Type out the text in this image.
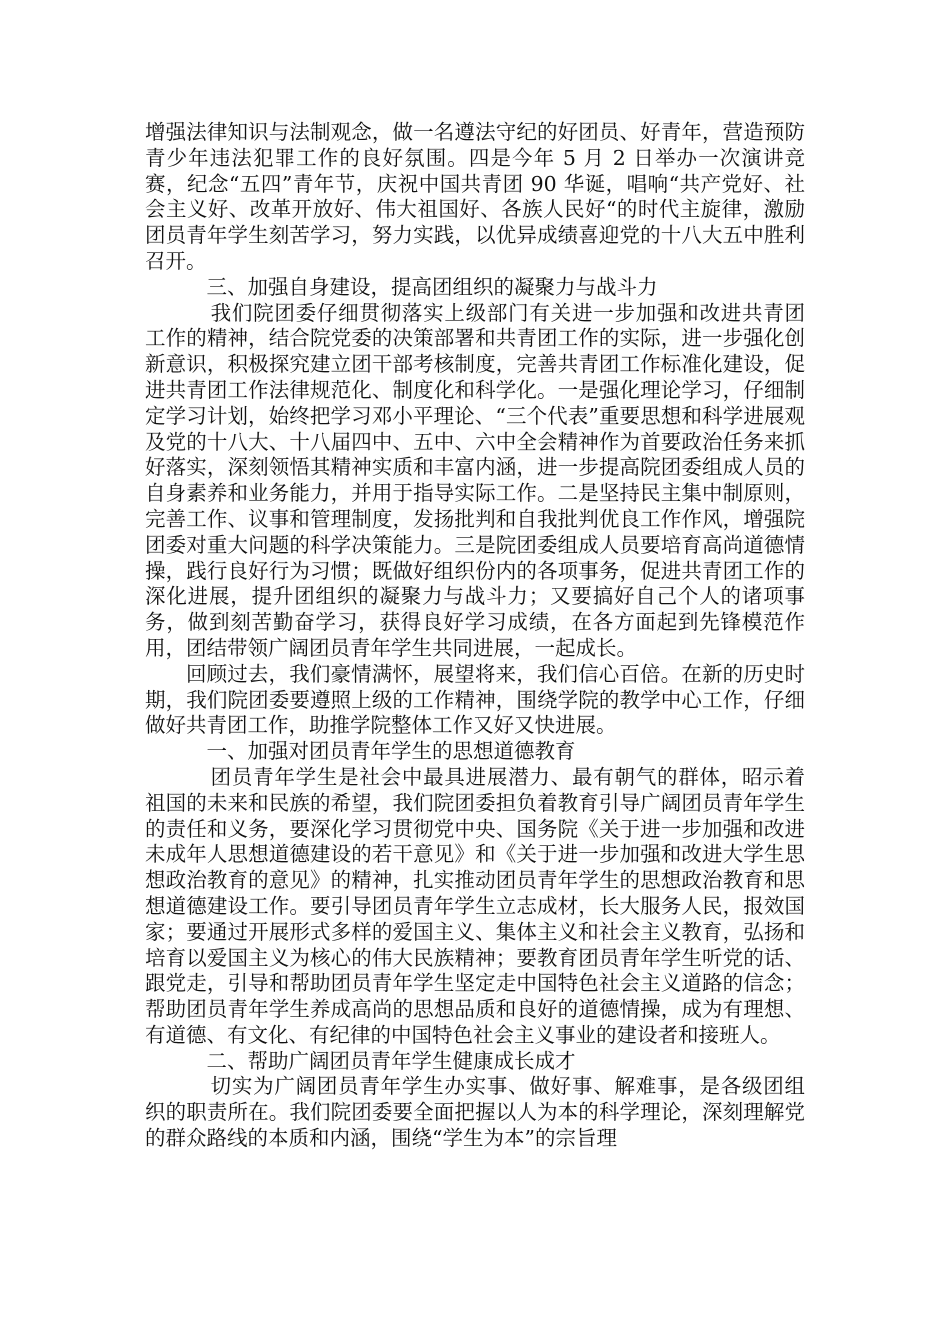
增强法律知识与法制观念，做一名遵法守纪的好团员、好青年，营造预防青少年违法犯罪工作的良好氛围。四是今年 5 月 2 日举办一次演讲竞赛，纪念“五四”青年节，庆祝中国共青团 90 华诞，唱响“共产党好、社会主义好、改革开放好、伟大祖国好、各族人民好“的时代主旋律，激励团员青年学生刻苦学习，努力实践，以优异成绩喜迎党的十八大五中胜利召开。

三、加强自身建设，提高团组织的凝聚力与战斗力

我们院团委仔细贯彻落实上级部门有关进一步加强和改进共青团工作的精神，结合院党委的决策部署和共青团工作的实际，进一步强化创新意识，积极探究建立团干部考核制度，完善共青团工作标准化建设，促进共青团工作法律规范化、制度化和科学化。一是强化理论学习，仔细制定学习计划，始终把学习邓小平理论、“三个代表”重要思想和科学进展观及党的十八大、十八届四中、五中、六中全会精神作为首要政治任务来抓好落实，深刻领悟其精神实质和丰富内涵，进一步提高院团委组成人员的自身素养和业务能力，并用于指导实际工作。二是坚持民主集中制原则，完善工作、议事和管理制度，发扬批判和自我批判优良工作作风，增强院团委对重大问题的科学决策能力。三是院团委组成人员要培育高尚道德情操，践行良好行为习惯；既做好组织份内的各项事务，促进共青团工作的深化进展，提升团组织的凝聚力与战斗力；又要搞好自己个人的诸项事务，做到刻苦勤奋学习，获得良好学习成绩，在各方面起到先锋模范作用，团结带领广阔团员青年学生共同进展，一起成长。

回顾过去，我们豪情满怀，展望将来，我们信心百倍。在新的历史时期，我们院团委要遵照上级的工作精神，围绕学院的教学中心工作，仔细做好共青团工作，助推学院整体工作又好又快进展。

一、加强对团员青年学生的思想道德教育

团员青年学生是社会中最具进展潜力、最有朝气的群体，昭示着祖国的未来和民族的希望，我们院团委担负着教育引导广阔团员青年学生的责任和义务，要深化学习贯彻党中央、国务院《关于进一步加强和改进未成年人思想道德建设的若干意见》和《关于进一步加强和改进大学生思想政治教育的意见》的精神，扎实推动团员青年学生的思想政治教育和思想道德建设工作。要引导团员青年学生立志成材，长大服务人民，报效国家；要通过开展形式多样的爱国主义、集体主义和社会主义教育，弘扬和培育以爱国主义为核心的伟大民族精神；要教育团员青年学生听党的话、跟党走，引导和帮助团员青年学生坚定走中国特色社会主义道路的信念；帮助团员青年学生养成高尚的思想品质和良好的道德情操，成为有理想、有道德、有文化、有纪律的中国特色社会主义事业的建设者和接班人。

二、帮助广阔团员青年学生健康成长成才

切实为广阔团员青年学生办实事、做好事、解难事，是各级团组织的职责所在。我们院团委要全面把握以人为本的科学理论，深刻理解党的群众路线的本质和内涵，围绕“学生为本”的宗旨理
